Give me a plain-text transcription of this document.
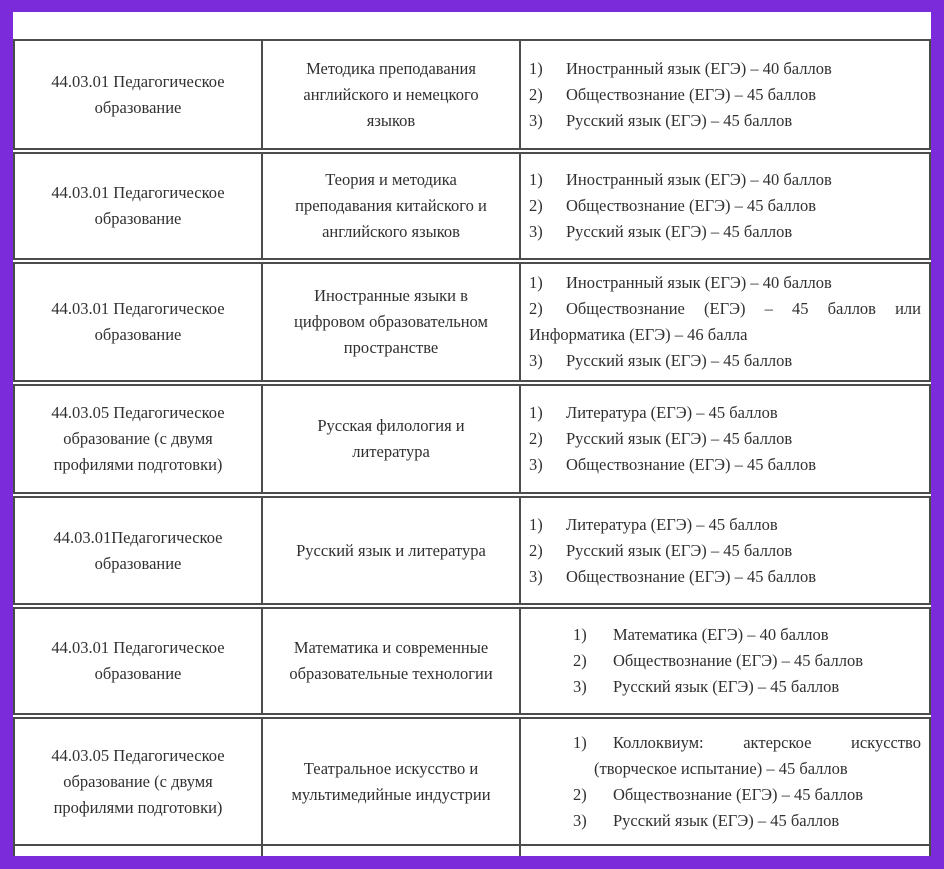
44.03.01 Педагогическое образование	Методика преподавания английского и немецкого языков	1) Иностранный язык (ЕГЭ) – 40 баллов
2) Обществознание (ЕГЭ) – 45 баллов
3) Русский язык (ЕГЭ) – 45 баллов

44.03.01 Педагогическое образование	Теория и методика преподавания китайского и английского языков	1) Иностранный язык (ЕГЭ) – 40 баллов
2) Обществознание (ЕГЭ) – 45 баллов
3) Русский язык (ЕГЭ) – 45 баллов

44.03.01 Педагогическое образование	Иностранные языки в цифровом образовательном пространстве	1) Иностранный язык (ЕГЭ) – 40 баллов
2) Обществознание (ЕГЭ) – 45 баллов или
Информатика (ЕГЭ) – 46 балла
3) Русский язык (ЕГЭ) – 45 баллов

44.03.05 Педагогическое образование (с двумя профилями подготовки)	Русская филология и литература	1) Литература (ЕГЭ) – 45 баллов
2) Русский язык (ЕГЭ) – 45 баллов
3) Обществознание (ЕГЭ) – 45 баллов

44.03.01Педагогическое образование	Русский язык и литература	1) Литература (ЕГЭ) – 45 баллов
2) Русский язык (ЕГЭ) – 45 баллов
3) Обществознание (ЕГЭ) – 45 баллов

44.03.01 Педагогическое образование	Математика и современные образовательные технологии	1) Математика (ЕГЭ) – 40 баллов
2) Обществознание (ЕГЭ) – 45 баллов
3) Русский язык (ЕГЭ) – 45 баллов

44.03.05 Педагогическое образование (с двумя профилями подготовки)	Театральное искусство и мультимедийные индустрии	1) Коллоквиум: актерское искусство
(творческое испытание) – 45 баллов
2) Обществознание (ЕГЭ) – 45 баллов
3) Русский язык (ЕГЭ) – 45 баллов
